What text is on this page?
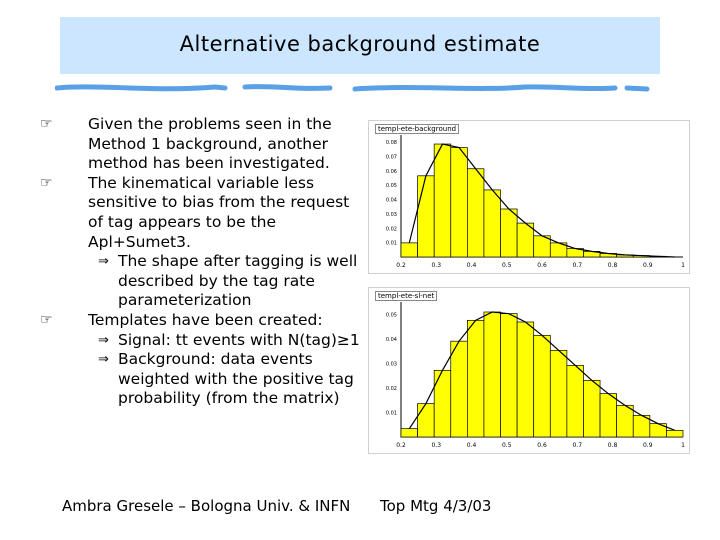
Alternative background estimate
☞ Given the problems seen in the Method 1 background, another method has been investigated.
☞ The kinematical variable less sensitive to bias from the request of tag appears to be the Apl+Sumet3.
⇒ The shape after tagging is well described by the tag rate parameterization
☞ Templates have been created:
⇒ Signal: tt events with N(tag)≥1
⇒ Background: data events weighted with the positive tag probability (from the matrix)
0.2	0.3	0.4	0.5	0.6	0.7	0.8	0.9	1
0.01
0.02
0.03
0.04
0.05
0.06
0.07
0.08
templ-ete-background
0.2	0.3	0.4	0.5	0.6	0.7	0.8	0.9	1
0.01
0.02
0.03
0.04
0.05
templ-ete-sl-net
Ambra Gresele – Bologna Univ. & INFN Top Mtg 4/3/03
